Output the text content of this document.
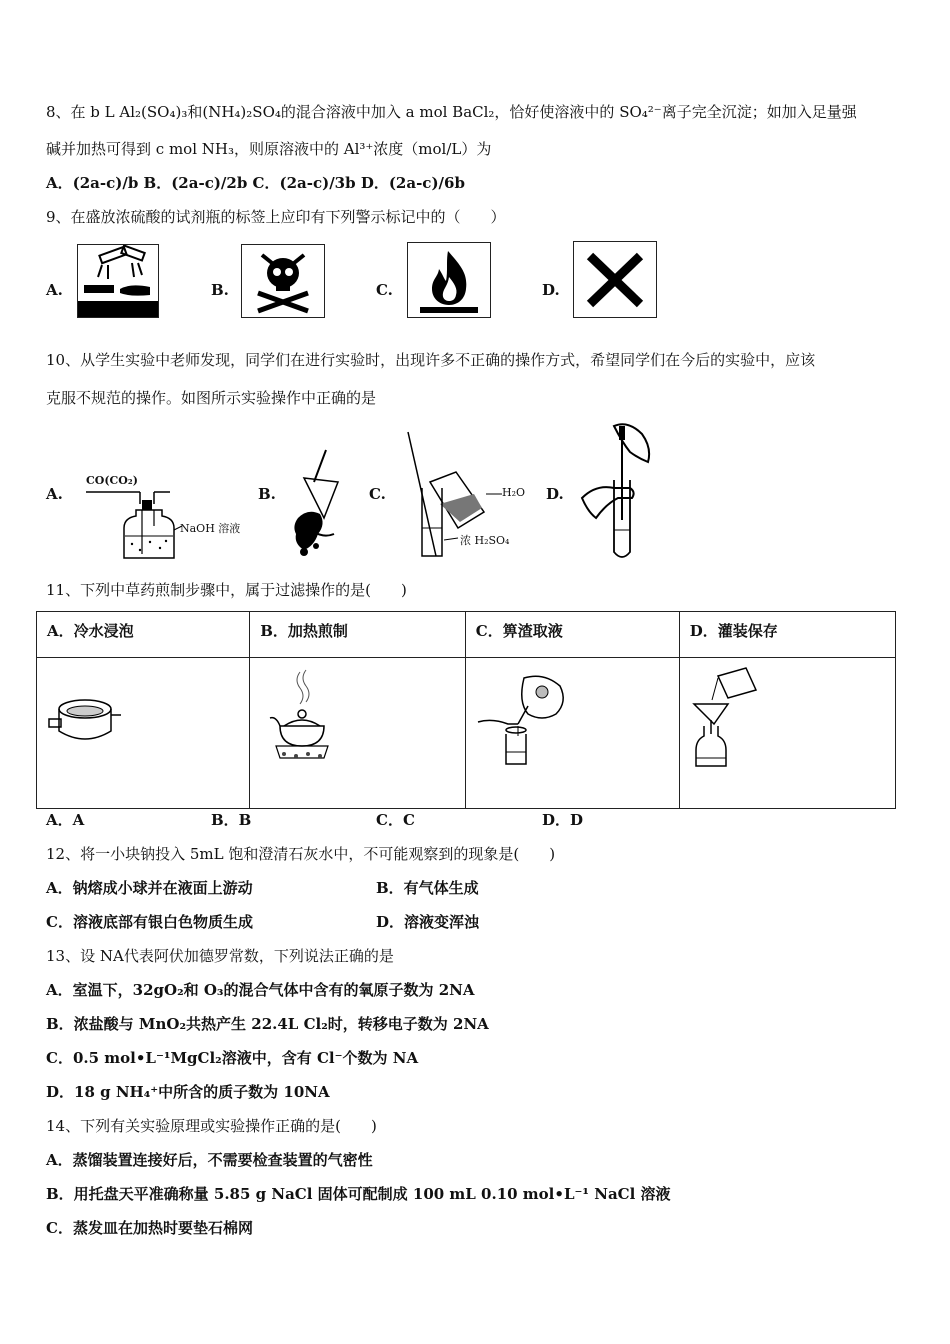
8、在 b L Al₂(SO₄)₃和(NH₄)₂SO₄的混合溶液中加入 a mol BaCl₂，恰好使溶液中的 SO₄²⁻离子完全沉淀；如加入足量强
碱并加热可得到 c mol NH₃，则原溶液中的 Al³⁺浓度（mol/L）为
A．(2a-c)/b B．(2a-c)/2b C．(2a-c)/3b D．(2a-c)/6b
9、在盛放浓硫酸的试剂瓶的标签上应印有下列警示标记中的（　　）
A.	B.	C.	D.
10、从学生实验中老师发现，同学们在进行实验时，出现许多不正确的操作方式，希望同学们在今后的实验中，应该
克服不规范的操作。如图所示实验操作中正确的是
A.
CO(CO₂)
NaOH 溶液
B.	C.	H₂O
浓 H₂SO₄
D.
11、下列中草药煎制步骤中，属于过滤操作的是(　　)
A．冷水浸泡	B．加热煎制	C．箅渣取液	D．灌装保存

A．A	B．B	C．C	D．D
12、将一小块钠投入 5mL 饱和澄清石灰水中，不可能观察到的现象是(　　)
A．钠熔成小球并在液面上游动	B．有气体生成
C．溶液底部有银白色物质生成	D．溶液变浑浊
13、设 NA代表阿伏加德罗常数，下列说法正确的是
A．室温下，32gO₂和 O₃的混合气体中含有的氧原子数为 2NA
B．浓盐酸与 MnO₂共热产生 22.4L Cl₂时，转移电子数为 2NA
C．0.5 mol•L⁻¹MgCl₂溶液中，含有 Cl⁻个数为 NA
D．18 g NH₄⁺中所含的质子数为 10NA
14、下列有关实验原理或实验操作正确的是(　　)
A．蒸馏装置连接好后，不需要检查装置的气密性
B．用托盘天平准确称量 5.85 g NaCl 固体可配制成 100 mL 0.10 mol•L⁻¹ NaCl 溶液
C．蒸发皿在加热时要垫石棉网
